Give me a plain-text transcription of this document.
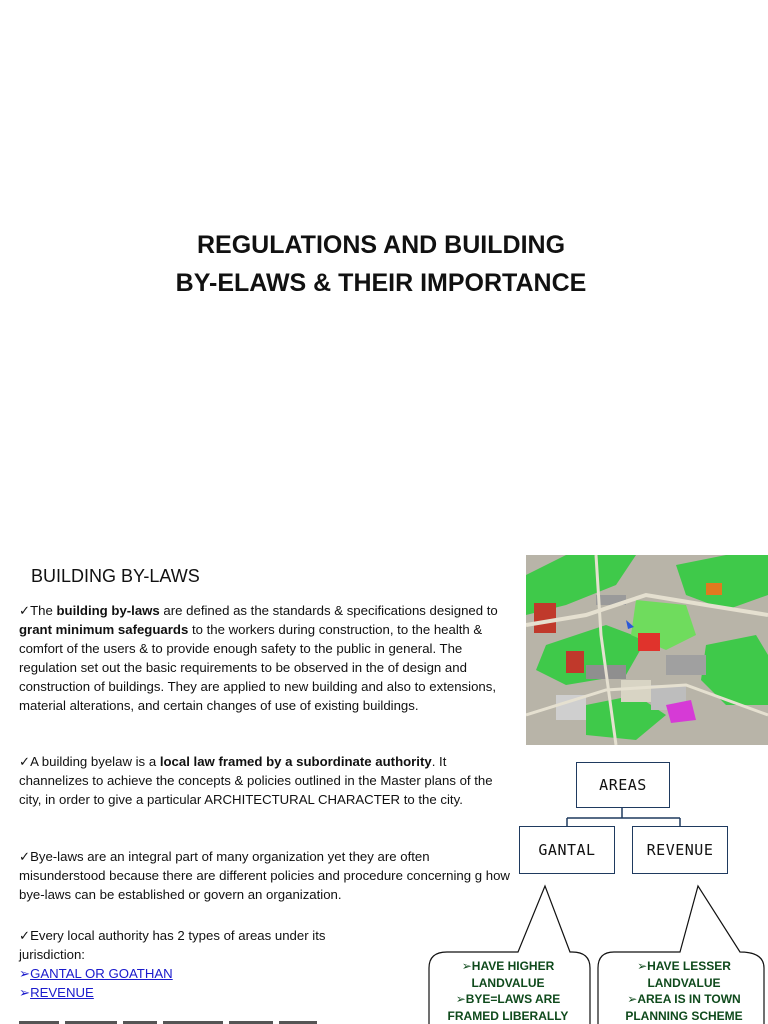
REGULATIONS AND BUILDING
BY-ELAWS & THEIR IMPORTANCE
BUILDING BY-LAWS
✓The building by-laws are defined as the standards & specifications designed to grant minimum safeguards to the workers during construction, to the health & comfort of the users & to provide enough safety to the public in general. The regulation set out the basic requirements to be observed in the of design and construction of buildings. They are applied to new building and also to extensions, material alterations, and certain changes of use of existing buildings.
✓A building byelaw is a local law framed by a subordinate authority. It channelizes to achieve the concepts & policies outlined in the Master plans of the city, in order to give a particular ARCHITECTURAL CHARACTER to the city.
✓Bye-laws are an integral part of many organization yet they are often misunderstood because there are different policies and procedure concerning g how bye-laws can be established or govern an organization.
✓Every local authority has 2 types of areas under its jurisdiction:
➢GANTAL OR GOATHAN
➢REVENUE
AREAS
GANTAL	REVENUE
➢HAVE HIGHER
LANDVALUE
➢BYE=LAWS ARE
FRAMED LIBERALLY
➢HAVE LESSER
LANDVALUE
➢AREA IS IN TOWN
PLANNING SCHEME
